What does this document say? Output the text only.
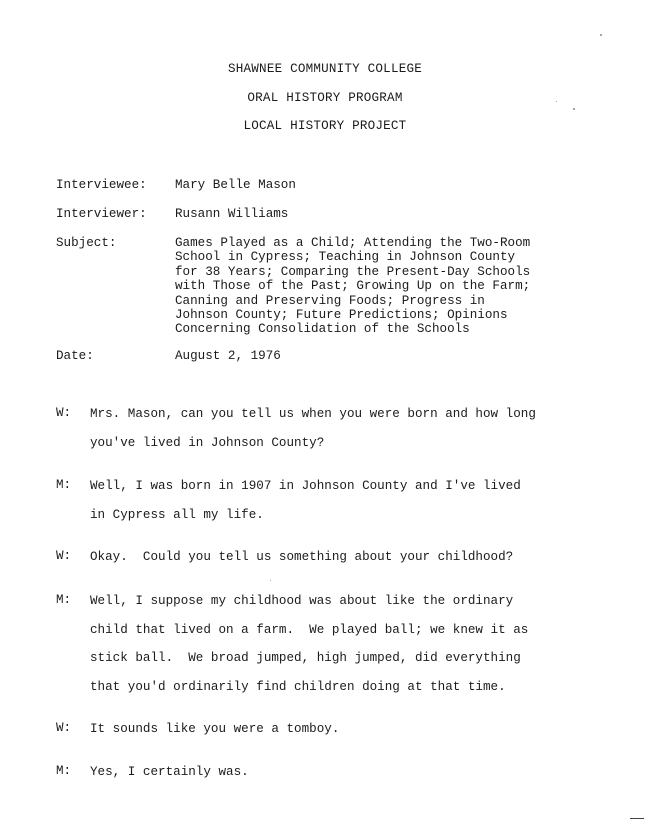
SHAWNEE COMMUNITY COLLEGE
ORAL HISTORY PROGRAM
LOCAL HISTORY PROJECT
Interviewee: Mary Belle Mason
Interviewer: Rusann Williams
Subject:	Games Played as a Child; Attending the Two-Room
School in Cypress; Teaching in Johnson County
for 38 Years; Comparing the Present-Day Schools
with Those of the Past; Growing Up on the Farm;
Canning and Preserving Foods; Progress in
Johnson County; Future Predictions; Opinions
Concerning Consolidation of the Schools
Date:	August 2, 1976
W: Mrs. Mason, can you tell us when you were born and how long
you've lived in Johnson County?
M: Well, I was born in 1907 in Johnson County and I've lived
in Cypress all my life.
W: Okay.  Could you tell us something about your childhood?
M: Well, I suppose my childhood was about like the ordinary
child that lived on a farm.  We played ball; we knew it as
stick ball.  We broad jumped, high jumped, did everything
that you'd ordinarily find children doing at that time.
W: It sounds like you were a tomboy.
M: Yes, I certainly was.
